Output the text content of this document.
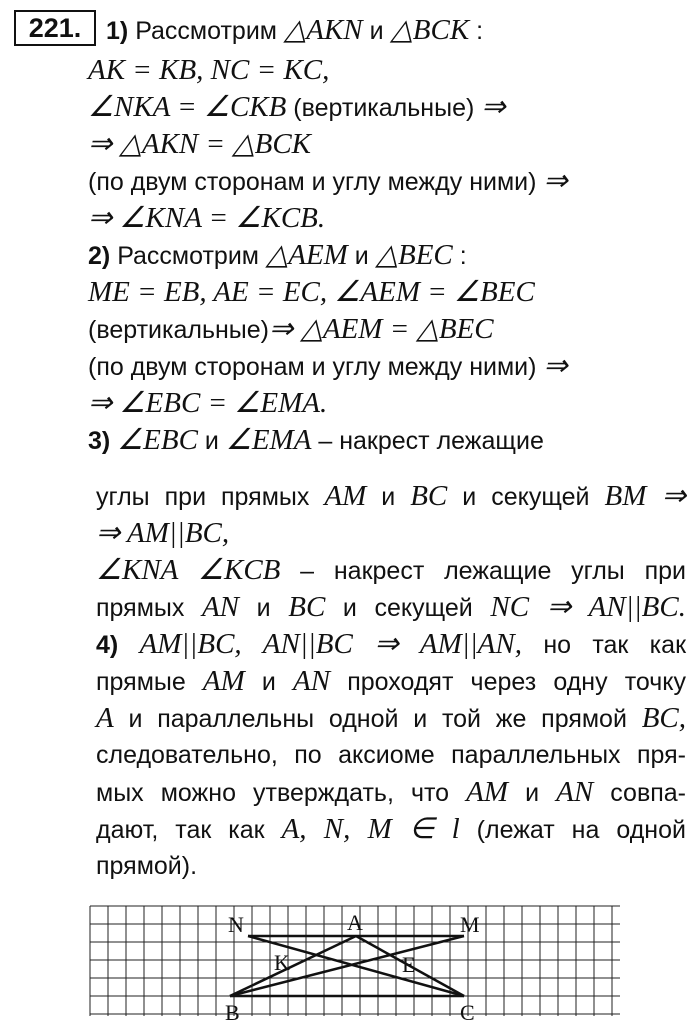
221. 1) Рассмотрим △AKN и △BCK :
AK = KB, NC = KC,
∠NKA = ∠CKB (вертикальные) ⇒
⇒ △AKN = △BCK
(по двум сторонам и углу между ними) ⇒
⇒ ∠KNA = ∠KCB.
2) Рассмотрим △AEM и △BEC :
ME = EB, AE = EC, ∠AEM = ∠BEC
(вертикальные)⇒ △AEM = △BEC
(по двум сторонам и углу между ними) ⇒
⇒ ∠EBC = ∠EMA.
3) ∠EBC и ∠EMA – накрест лежащие
углы при прямых AM и BC и секущей BM ⇒
⇒ AM||BC,
∠KNA ∠KCB – накрест лежащие углы при
прямых AN и BC и секущей NC ⇒ AN||BC.
4) AM||BC, AN||BC ⇒ AM||AN, но так как
прямые AM и AN проходят через одну точку
A и параллельны одной и той же прямой BC,
следовательно, по аксиоме параллельных пря-
мых можно утверждать, что AM и AN совпа-
дают, так как A, N, M ∈ l (лежат на одной
прямой).
N	A	M
K	E
B	C
